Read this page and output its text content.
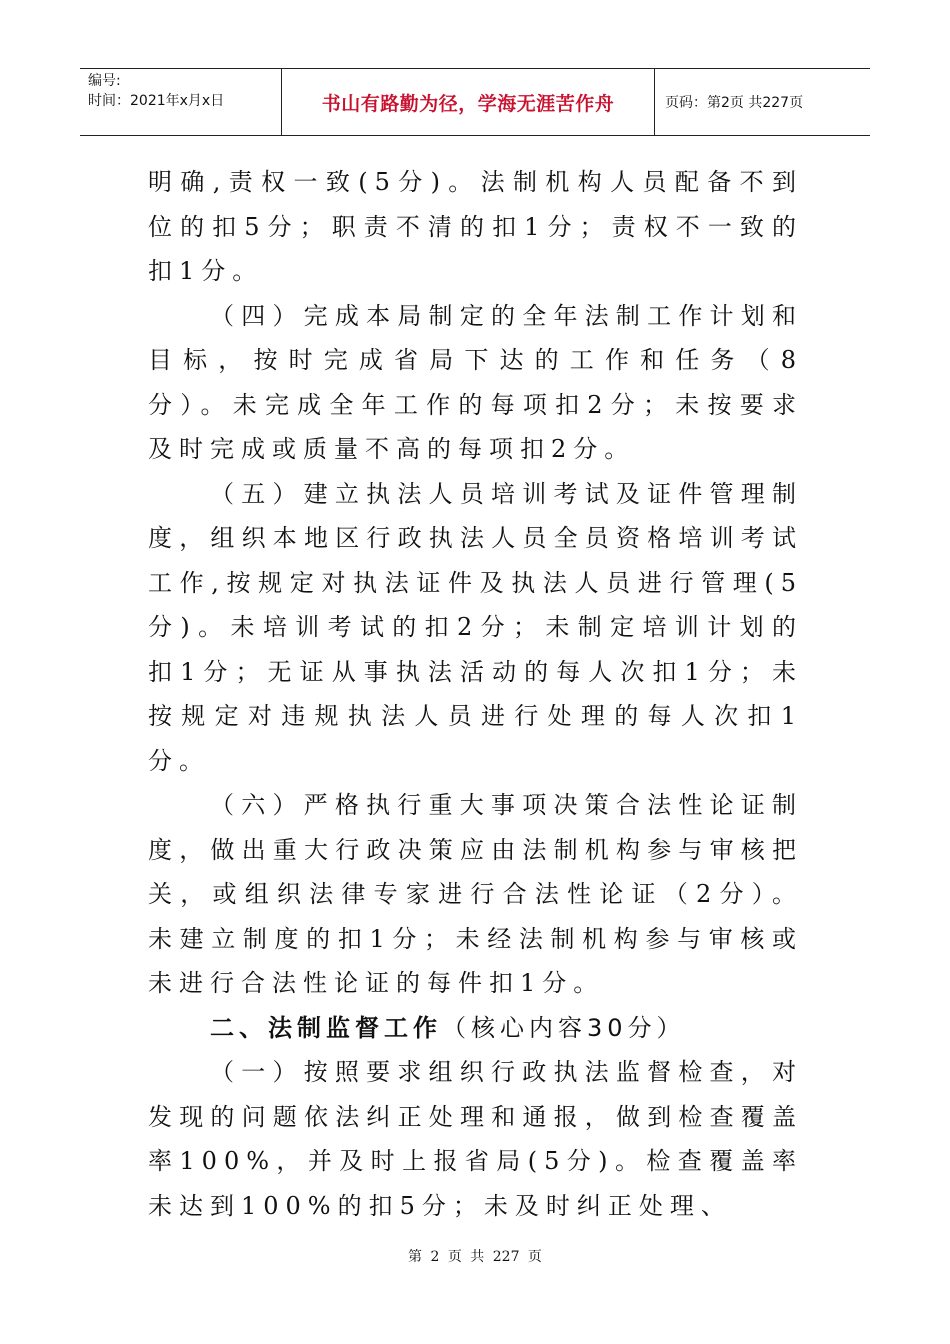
编号:
时间：2021年x月x日	书山有路勤为径，学海无涯苦作舟	页码：第2页 共227页

明确,责权一致(5分)。法制机构人员配备不到位的扣5分；职责不清的扣1分；责权不一致的扣1分。

（四）完成本局制定的全年法制工作计划和目标，按时完成省局下达的工作和任务（8分）。未完成全年工作的每项扣2分；未按要求及时完成或质量不高的每项扣2分。

（五）建立执法人员培训考试及证件管理制度，组织本地区行政执法人员全员资格培训考试工作,按规定对执法证件及执法人员进行管理(5分)。未培训考试的扣2分；未制定培训计划的扣1分；无证从事执法活动的每人次扣1分；未按规定对违规执法人员进行处理的每人次扣1分。

（六）严格执行重大事项决策合法性论证制度，做出重大行政决策应由法制机构参与审核把关，或组织法律专家进行合法性论证（2分）。未建立制度的扣1分；未经法制机构参与审核或未进行合法性论证的每件扣1分。

二、法制监督工作（核心内容30分）

（一）按照要求组织行政执法监督检查，对发现的问题依法纠正处理和通报，做到检查覆盖率100%，并及时上报省局(5分)。检查覆盖率未达到100%的扣5分；未及时纠正处理、

第 2 页 共 227 页
